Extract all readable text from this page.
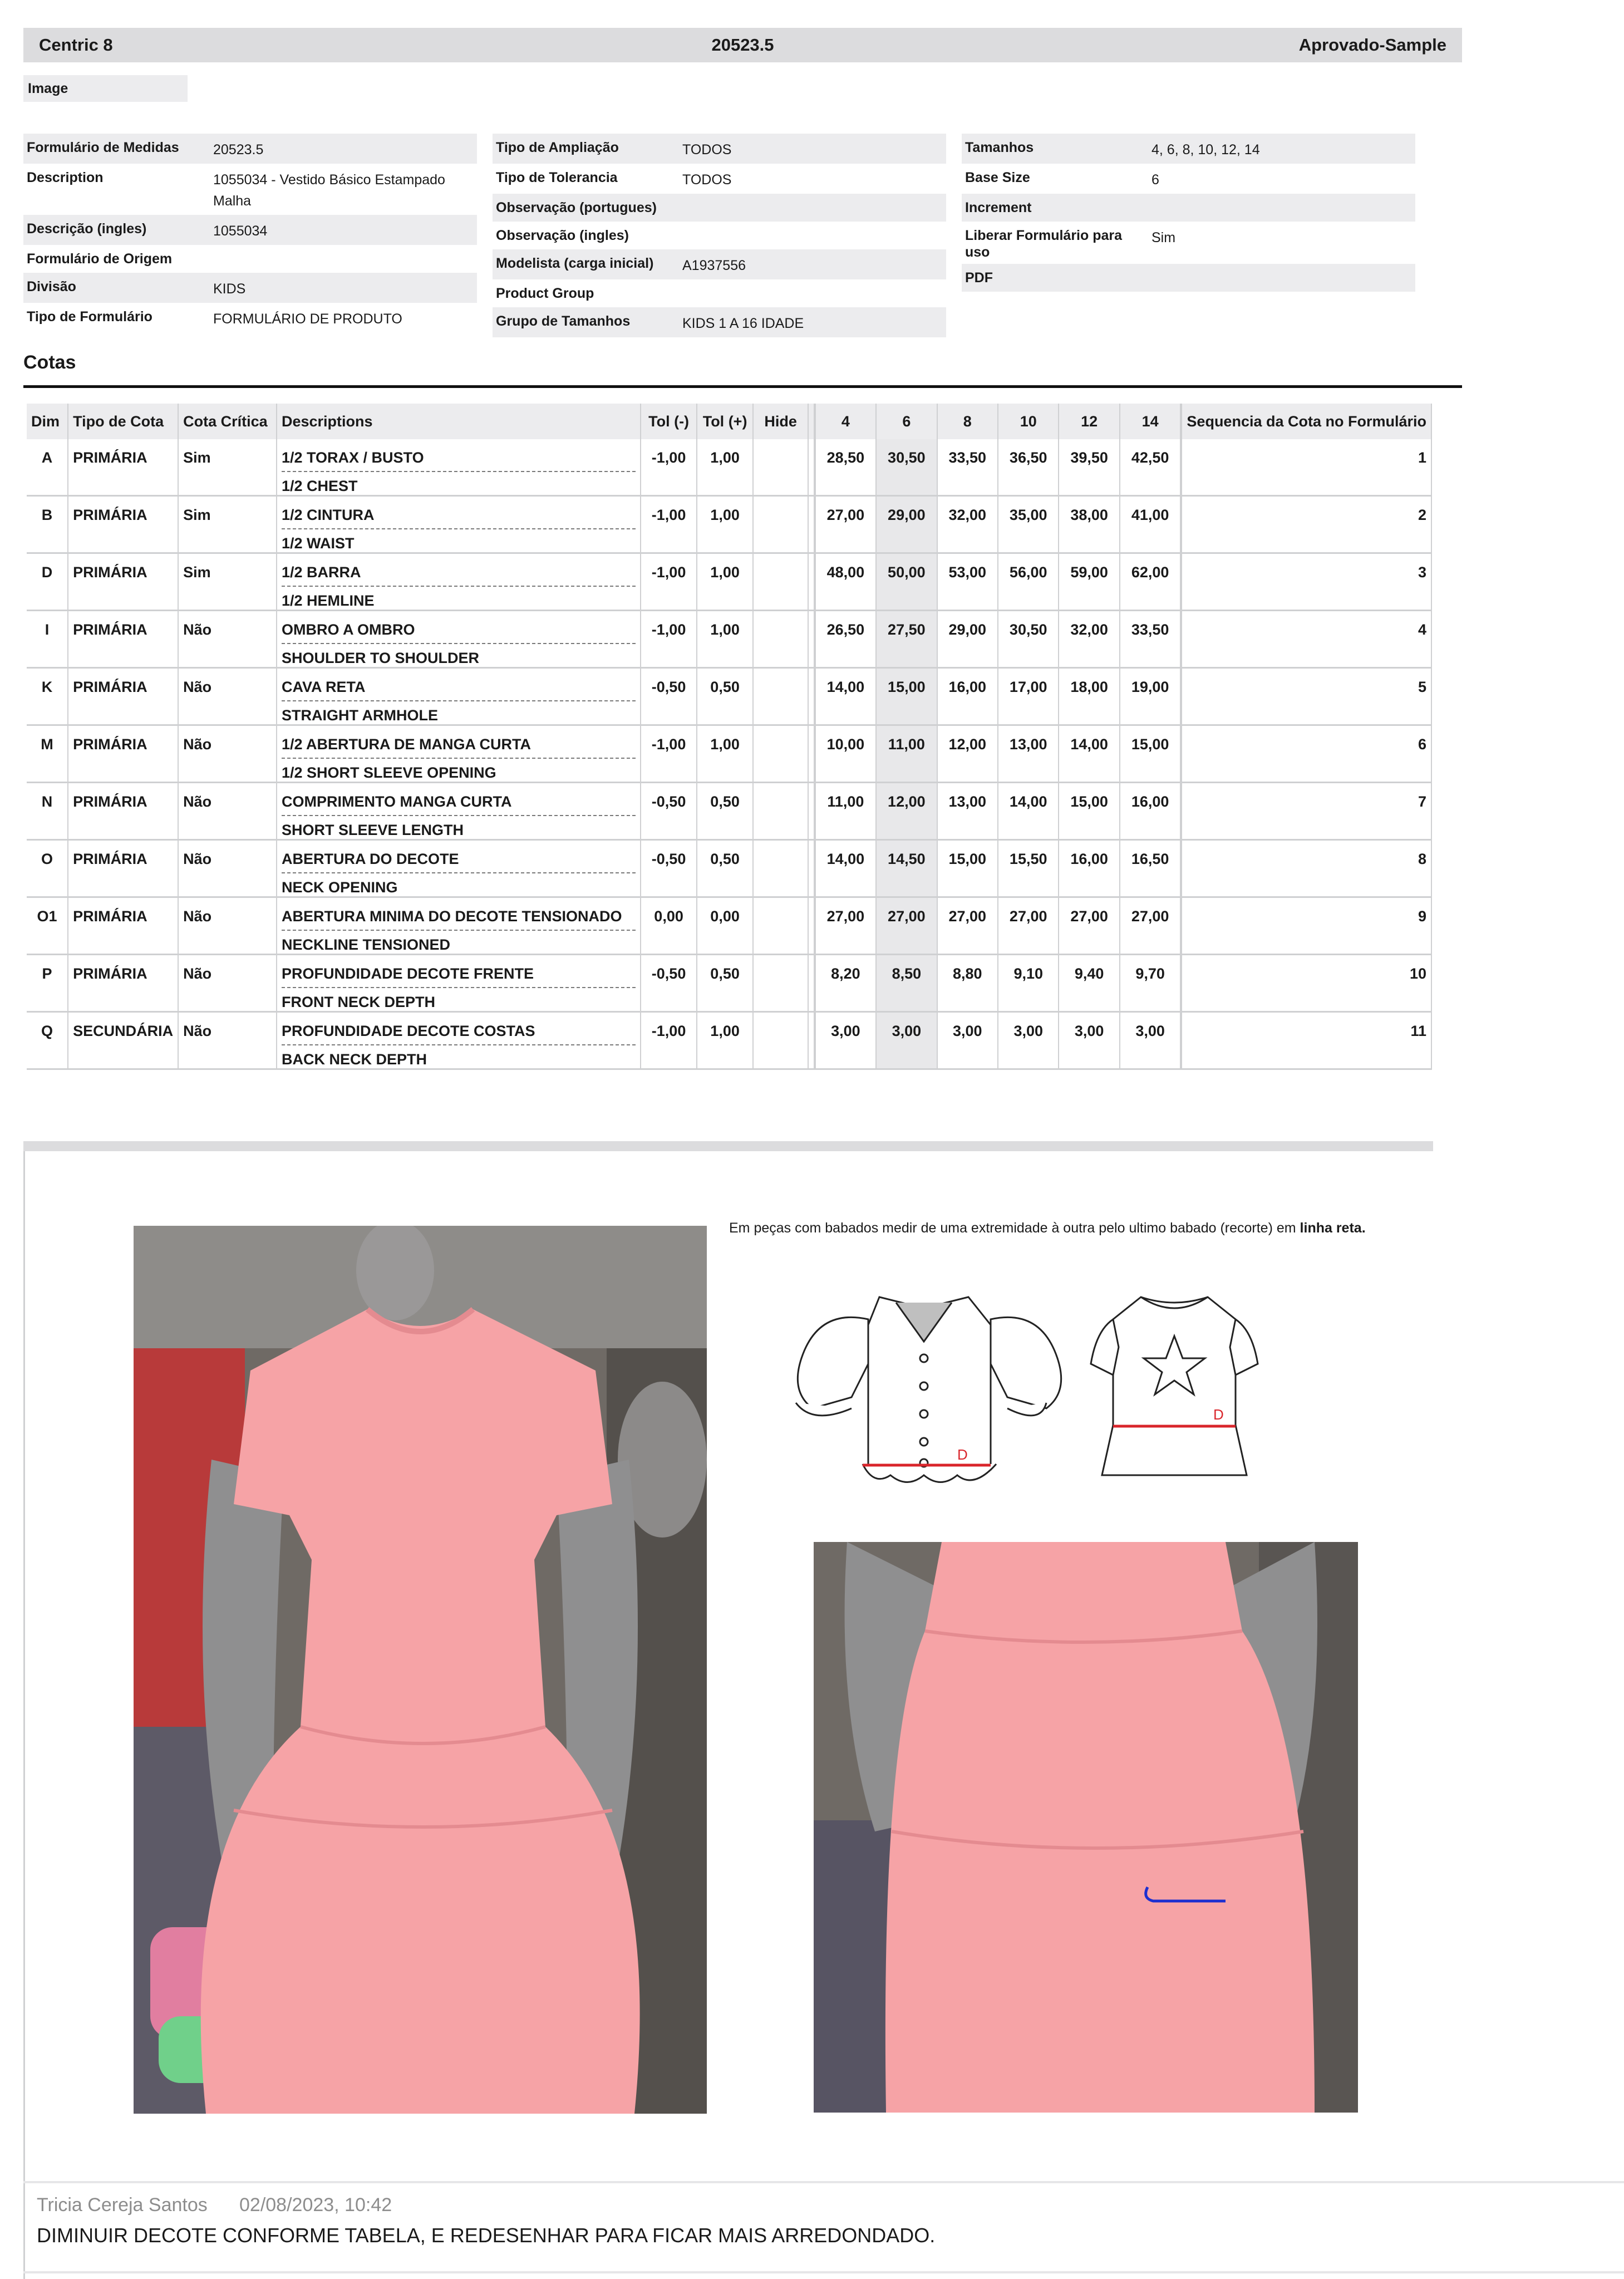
Centric 8	20523.5	Aprovado-Sample
Image
Formulário de Medidas	20523.5
Description	1055034 - Vestido Básico Estampado Malha
Descrição (ingles)	1055034
Formulário de Origem
Divisão	KIDS
Tipo de Formulário	FORMULÁRIO DE PRODUTO
Tipo de Ampliação	TODOS
Tipo de Tolerancia	TODOS
Observação (portugues)
Observação (ingles)
Modelista (carga inicial)	A1937556
Product Group
Grupo de Tamanhos	KIDS 1 A 16 IDADE
Tamanhos	4, 6, 8, 10, 12, 14
Base Size	6
Increment
Liberar Formulário para uso
Sim
PDF
Cotas
Dim	Tipo de Cota	Cota Crítica	Descriptions	Tol (-)	Tol (+)	Hide		4	6	8	10	12	14	Sequencia da Cota no Formulário

A	PRIMÁRIA	Sim	1/2 TORAX / BUSTO
1/2 CHEST	-1,00	1,00			28,50	30,50	33,50	36,50	39,50	42,50	1

B	PRIMÁRIA	Sim	1/2 CINTURA
1/2 WAIST	-1,00	1,00			27,00	29,00	32,00	35,00	38,00	41,00	2

D	PRIMÁRIA	Sim	1/2 BARRA
1/2 HEMLINE	-1,00	1,00			48,00	50,00	53,00	56,00	59,00	62,00	3

I	PRIMÁRIA	Não	OMBRO A OMBRO
SHOULDER TO SHOULDER	-1,00	1,00			26,50	27,50	29,00	30,50	32,00	33,50	4

K	PRIMÁRIA	Não	CAVA RETA
STRAIGHT ARMHOLE	-0,50	0,50			14,00	15,00	16,00	17,00	18,00	19,00	5

M	PRIMÁRIA	Não	1/2 ABERTURA DE MANGA CURTA
1/2 SHORT SLEEVE OPENING	-1,00	1,00			10,00	11,00	12,00	13,00	14,00	15,00	6

N	PRIMÁRIA	Não	COMPRIMENTO MANGA CURTA
SHORT SLEEVE LENGTH	-0,50	0,50			11,00	12,00	13,00	14,00	15,00	16,00	7

O	PRIMÁRIA	Não	ABERTURA DO DECOTE
NECK OPENING	-0,50	0,50			14,00	14,50	15,00	15,50	16,00	16,50	8

O1	PRIMÁRIA	Não	ABERTURA MINIMA DO DECOTE TENSIONADO
NECKLINE TENSIONED	0,00	0,00			27,00	27,00	27,00	27,00	27,00	27,00	9

P	PRIMÁRIA	Não	PROFUNDIDADE DECOTE FRENTE
FRONT NECK DEPTH	-0,50	0,50			8,20	8,50	8,80	9,10	9,40	9,70	10

Q	SECUNDÁRIA	Não	PROFUNDIDADE DECOTE COSTAS
BACK NECK DEPTH	-1,00	1,00			3,00	3,00	3,00	3,00	3,00	3,00	11
Em peças com babados medir de uma extremidade à outra pelo ultimo babado (recorte) em linha reta.
D
D
Tricia Cereja Santos 02/08/2023, 10:42
DIMINUIR DECOTE CONFORME TABELA, E REDESENHAR PARA FICAR MAIS ARREDONDADO.
